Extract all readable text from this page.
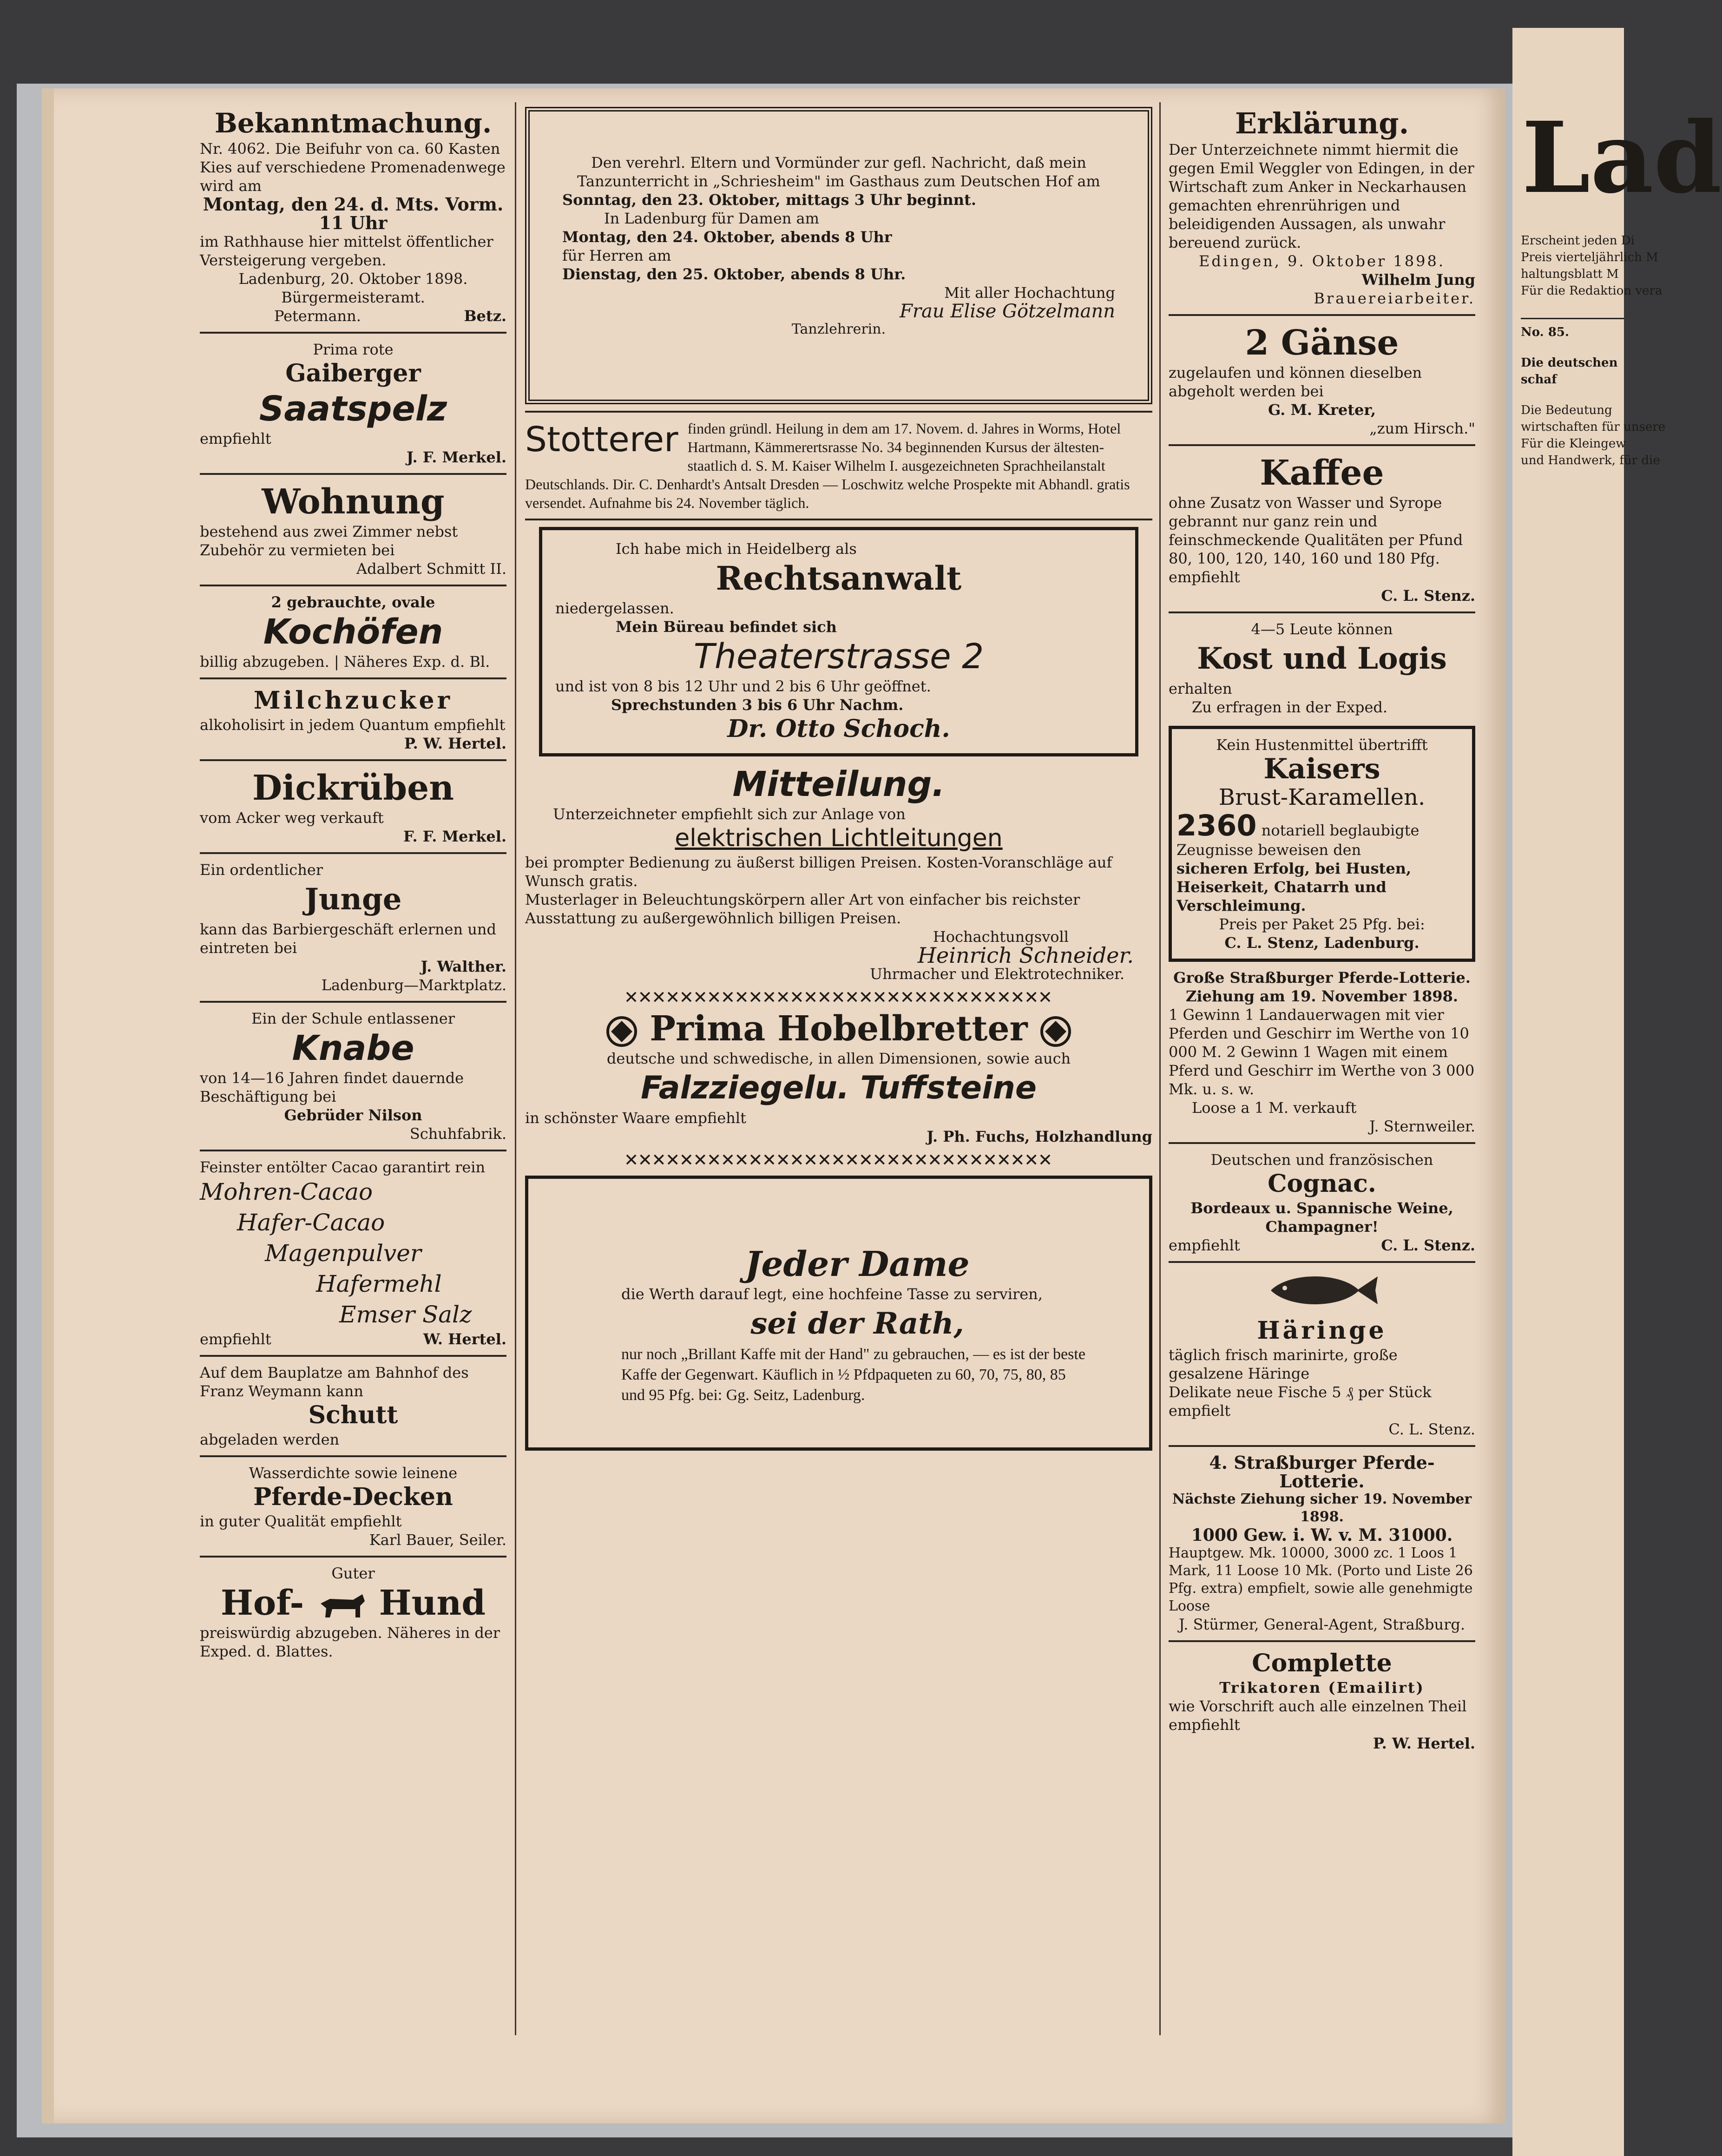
Bekanntmachung.
Nr. 4062. Die Beifuhr von ca. 60 Kasten Kies auf verschiedene Promenadenwege wird am
Montag, den 24. d. Mts. Vorm. 11 Uhr
im Rathhause hier mittelst öffentlicher Versteigerung vergeben.
Ladenburg, 20. Oktober 1898.
Bürgermeisteramt.
Petermann.	Betz.
Prima rote
Gaiberger
Saatspelz
empfiehlt
J. F. Merkel.
Wohnung
bestehend aus zwei Zimmer nebst Zubehör zu vermieten bei
Adalbert Schmitt II.
2 gebrauchte, ovale
Kochöfen
billig abzugeben. | Näheres Exp. d. Bl.
Milchzucker
alkoholisirt in jedem Quantum empfiehlt
P. W. Hertel.
Dickrüben
vom Acker weg verkauft
F. F. Merkel.
Ein ordentlicher
Junge
kann das Barbiergeschäft erlernen und eintreten bei
J. Walther.
Ladenburg—Marktplatz.
Ein der Schule entlassener
Knabe
von 14—16 Jahren findet dauernde Beschäftigung bei
Gebrüder Nilson
Schuhfabrik.
Feinster entölter Cacao garantirt rein
Mohren-Cacao
Hafer-Cacao
Magenpulver
Hafermehl
Emser Salz
empfiehlt	W. Hertel.
Auf dem Bauplatze am Bahnhof des Franz Weymann kann
Schutt
abgeladen werden
Wasserdichte sowie leinene
Pferde-Decken
in guter Qualität empfiehlt
Karl Bauer, Seiler.
Guter
Hof- Hund
preiswürdig abzugeben. Näheres in der Exped. d. Blattes.
Den verehrl. Eltern und Vormünder zur gefl. Nachricht, daß mein Tanzunterricht in „Schriesheim" im Gasthaus zum Deutschen Hof am
Sonntag, den 23. Oktober, mittags 3 Uhr beginnt.
In Ladenburg für Damen am
Montag, den 24. Oktober, abends 8 Uhr
für Herren am
Dienstag, den 25. Oktober, abends 8 Uhr.
Mit aller Hochachtung
Frau Elise Götzelmann
Tanzlehrerin.
Stotterer finden gründl. Heilung in dem am 17. Novem. d. Jahres in Worms, Hotel Hartmann, Kämmerertsrasse No. 34 beginnenden Kursus der ältesten-staatlich d. S. M. Kaiser Wilhelm I. ausgezeichneten Sprachheilanstalt Deutschlands. Dir. C. Denhardt's Antsalt Dresden — Loschwitz welche Prospekte mit Abhandl. gratis versendet. Aufnahme bis 24. November täglich.
Ich habe mich in Heidelberg als
Rechtsanwalt
niedergelassen.
Mein Büreau befindet sich
Theaterstrasse 2
und ist von 8 bis 12 Uhr und 2 bis 6 Uhr geöffnet.
Sprechstunden 3 bis 6 Uhr Nachm.
Dr. Otto Schoch.
Mitteilung.
Unterzeichneter empfiehlt sich zur Anlage von
elektrischen Lichtleitungen
bei prompter Bedienung zu äußerst billigen Preisen. Kosten-Voranschläge auf Wunsch gratis.
Musterlager in Beleuchtungskörpern aller Art von einfacher bis reichster Ausstattung zu außergewöhnlich billigen Preisen.
Hochachtungsvoll
Heinrich Schneider.
Uhrmacher und Elektrotechniker.
✕✕✕✕✕✕✕✕✕✕✕✕✕✕✕✕✕✕✕✕✕✕✕✕✕✕✕✕✕✕✕
Prima Hobelbretter
deutsche und schwedische, in allen Dimensionen, sowie auch
Falzziegelu. Tuffsteine
in schönster Waare empfiehlt
J. Ph. Fuchs, Holzhandlung
✕✕✕✕✕✕✕✕✕✕✕✕✕✕✕✕✕✕✕✕✕✕✕✕✕✕✕✕✕✕✕
Jeder Dame
die Werth darauf legt, eine hochfeine Tasse zu serviren,
sei der Rath,
nur noch „Brillant Kaffe mit der Hand" zu gebrauchen, — es ist der beste Kaffe der Gegenwart. Käuflich in ½ Pfdpaqueten zu 60, 70, 75, 80, 85 und 95 Pfg. bei: Gg. Seitz, Ladenburg.
Erklärung.
Der Unterzeichnete nimmt hiermit die gegen Emil Weggler von Edingen, in der Wirtschaft zum Anker in Neckarhausen gemachten ehrenrührigen und beleidigenden Aussagen, als unwahr bereuend zurück.
Edingen, 9. Oktober 1898.
Wilhelm Jung
Brauereiarbeiter.
2 Gänse
zugelaufen und können dieselben abgeholt werden bei
G. M. Kreter,
„zum Hirsch."
Kaffee
ohne Zusatz von Wasser und Syrope gebrannt nur ganz rein und feinschmeckende Qualitäten per Pfund 80, 100, 120, 140, 160 und 180 Pfg. empfiehlt
C. L. Stenz.
4—5 Leute können
Kost und Logis
erhalten
Zu erfragen in der Exped.
Kein Hustenmittel übertrifft
Kaisers
Brust-Karamellen.
2360 notariell beglaubigte Zeugnisse beweisen den
sicheren Erfolg, bei Husten, Heiserkeit, Chatarrh und Verschleimung.
Preis per Paket 25 Pfg. bei:
C. L. Stenz, Ladenburg.
Große Straßburger Pferde-Lotterie.
Ziehung am 19. November 1898.
1 Gewinn 1 Landauerwagen mit vier Pferden und Geschirr im Werthe von 10 000 M. 2 Gewinn 1 Wagen mit einem Pferd und Geschirr im Werthe von 3 000 Mk. u. s. w.
Loose a 1 M. verkauft
J. Sternweiler.
Deutschen und französischen
Cognac.
Bordeaux u. Spannische Weine, Champagner!
empfiehlt	C. L. Stenz.
Häringe
täglich frisch marinirte, große gesalzene Häringe
Delikate neue Fische 5 ₰ per Stück empfielt
C. L. Stenz.
4. Straßburger Pferde-Lotterie.
Nächste Ziehung sicher 19. November 1898.
1000 Gew. i. W. v. M. 31000.
Hauptgew. Mk. 10000, 3000 zc. 1 Loos 1 Mark, 11 Loose 10 Mk. (Porto und Liste 26 Pfg. extra) empfielt, sowie alle genehmigte Loose
J. Stürmer, General-Agent, Straßburg.
Complette
Trikatoren (Emailirt)
wie Vorschrift auch alle einzelnen Theil empfiehlt
P. W. Hertel.
Lad
Erscheint jeden Di
Preis vierteljährlich M
haltungsblatt M
Für die Redaktion vera
No. 85.
Die deutschen
schaf
Die Bedeutung
wirtschaften für unsere
Für die Kleingew
und Handwerk, für die
